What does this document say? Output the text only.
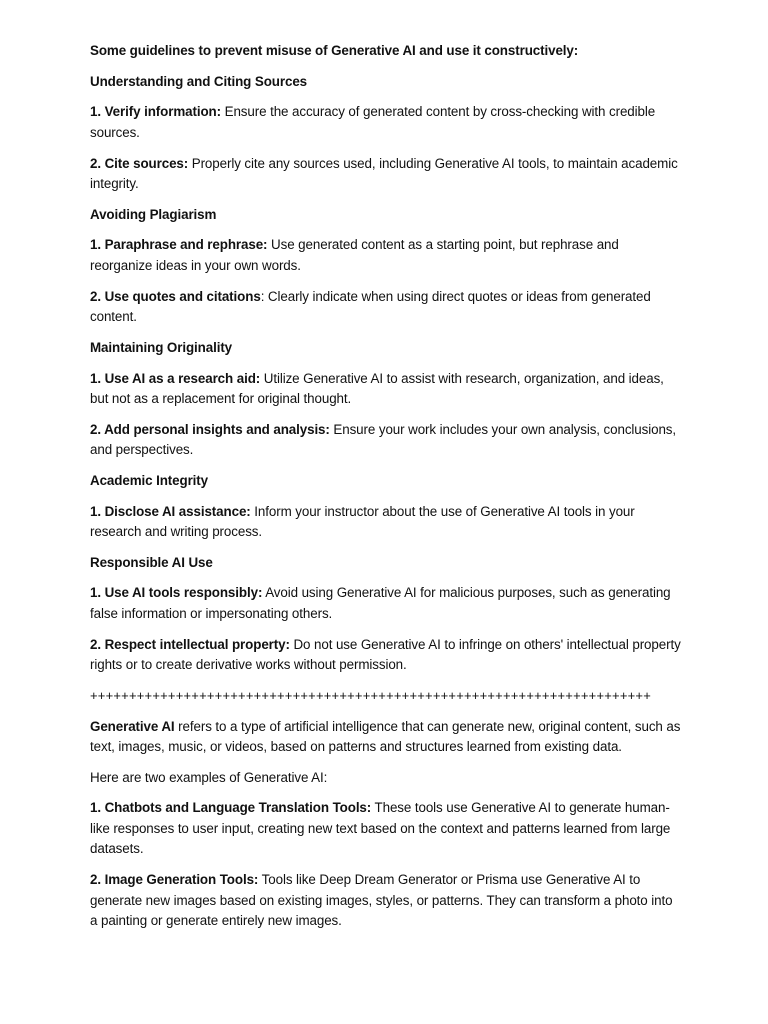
Some guidelines to prevent misuse of Generative AI and use it constructively:
Understanding and Citing Sources

1. Verify information: Ensure the accuracy of generated content by cross-checking with credible sources.

2. Cite sources: Properly cite any sources used, including Generative AI tools, to maintain academic integrity.

Avoiding Plagiarism

1. Paraphrase and rephrase: Use generated content as a starting point, but rephrase and reorganize ideas in your own words.

2. Use quotes and citations: Clearly indicate when using direct quotes or ideas from generated content.

Maintaining Originality

1. Use AI as a research aid: Utilize Generative AI to assist with research, organization, and ideas, but not as a replacement for original thought.

2. Add personal insights and analysis: Ensure your work includes your own analysis, conclusions, and perspectives.

Academic Integrity

1. Disclose AI assistance: Inform your instructor about the use of Generative AI tools in your research and writing process.

Responsible AI Use

1. Use AI tools responsibly: Avoid using Generative AI for malicious purposes, such as generating false information or impersonating others.

2. Respect intellectual property: Do not use Generative AI to infringe on others' intellectual property rights or to create derivative works without permission.

++++++++++++++++++++++++++++++++++++++++++++++++++++++++++++++++++++++++

Generative AI refers to a type of artificial intelligence that can generate new, original content, such as text, images, music, or videos, based on patterns and structures learned from existing data.

Here are two examples of Generative AI:

1. Chatbots and Language Translation Tools: These tools use Generative AI to generate human-like responses to user input, creating new text based on the context and patterns learned from large datasets.

2. Image Generation Tools: Tools like Deep Dream Generator or Prisma use Generative AI to generate new images based on existing images, styles, or patterns. They can transform a photo into a painting or generate entirely new images.
